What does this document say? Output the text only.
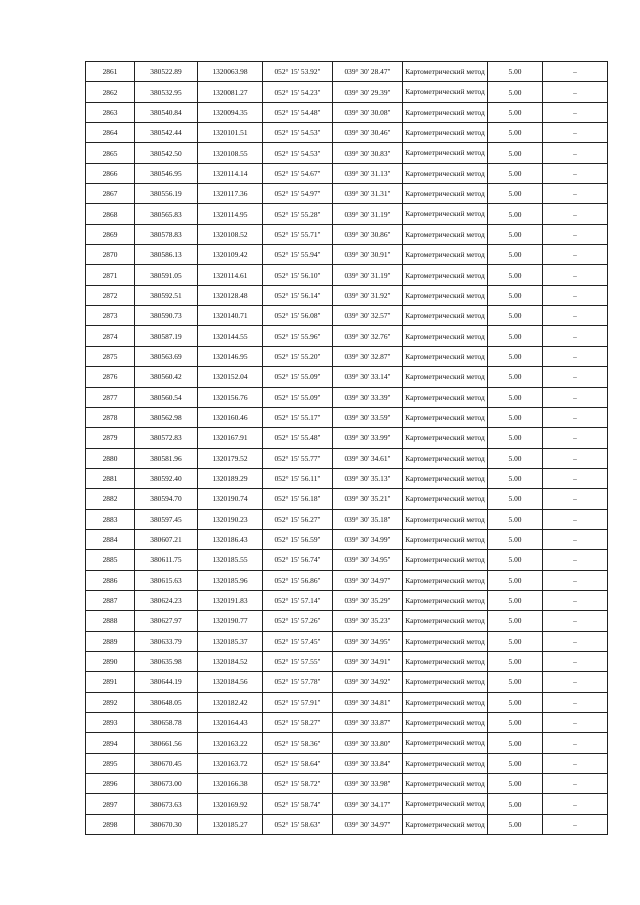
2861	380522.89	1320063.98	052° 15' 53.92"	039° 30' 28.47"	Картометрический метод	5.00	–
2862	380532.95	1320081.27	052° 15' 54.23"	039° 30' 29.39"	Картометрический метод	5.00	–
2863	380540.84	1320094.35	052° 15' 54.48"	039° 30' 30.08"	Картометрический метод	5.00	–
2864	380542.44	1320101.51	052° 15' 54.53"	039° 30' 30.46"	Картометрический метод	5.00	–
2865	380542.50	1320108.55	052° 15' 54.53"	039° 30' 30.83"	Картометрический метод	5.00	–
2866	380546.95	1320114.14	052° 15' 54.67"	039° 30' 31.13"	Картометрический метод	5.00	–
2867	380556.19	1320117.36	052° 15' 54.97"	039° 30' 31.31"	Картометрический метод	5.00	–
2868	380565.83	1320114.95	052° 15' 55.28"	039° 30' 31.19"	Картометрический метод	5.00	–
2869	380578.83	1320108.52	052° 15' 55.71"	039° 30' 30.86"	Картометрический метод	5.00	–
2870	380586.13	1320109.42	052° 15' 55.94"	039° 30' 30.91"	Картометрический метод	5.00	–
2871	380591.05	1320114.61	052° 15' 56.10"	039° 30' 31.19"	Картометрический метод	5.00	–
2872	380592.51	1320128.48	052° 15' 56.14"	039° 30' 31.92"	Картометрический метод	5.00	–
2873	380590.73	1320140.71	052° 15' 56.08"	039° 30' 32.57"	Картометрический метод	5.00	–
2874	380587.19	1320144.55	052° 15' 55.96"	039° 30' 32.76"	Картометрический метод	5.00	–
2875	380563.69	1320146.95	052° 15' 55.20"	039° 30' 32.87"	Картометрический метод	5.00	–
2876	380560.42	1320152.04	052° 15' 55.09"	039° 30' 33.14"	Картометрический метод	5.00	–
2877	380560.54	1320156.76	052° 15' 55.09"	039° 30' 33.39"	Картометрический метод	5.00	–
2878	380562.98	1320160.46	052° 15' 55.17"	039° 30' 33.59"	Картометрический метод	5.00	–
2879	380572.83	1320167.91	052° 15' 55.48"	039° 30' 33.99"	Картометрический метод	5.00	–
2880	380581.96	1320179.52	052° 15' 55.77"	039° 30' 34.61"	Картометрический метод	5.00	–
2881	380592.40	1320189.29	052° 15' 56.11"	039° 30' 35.13"	Картометрический метод	5.00	–
2882	380594.70	1320190.74	052° 15' 56.18"	039° 30' 35.21"	Картометрический метод	5.00	–
2883	380597.45	1320190.23	052° 15' 56.27"	039° 30' 35.18"	Картометрический метод	5.00	–
2884	380607.21	1320186.43	052° 15' 56.59"	039° 30' 34.99"	Картометрический метод	5.00	–
2885	380611.75	1320185.55	052° 15' 56.74"	039° 30' 34.95"	Картометрический метод	5.00	–
2886	380615.63	1320185.96	052° 15' 56.86"	039° 30' 34.97"	Картометрический метод	5.00	–
2887	380624.23	1320191.83	052° 15' 57.14"	039° 30' 35.29"	Картометрический метод	5.00	–
2888	380627.97	1320190.77	052° 15' 57.26"	039° 30' 35.23"	Картометрический метод	5.00	–
2889	380633.79	1320185.37	052° 15' 57.45"	039° 30' 34.95"	Картометрический метод	5.00	–
2890	380635.98	1320184.52	052° 15' 57.55"	039° 30' 34.91"	Картометрический метод	5.00	–
2891	380644.19	1320184.56	052° 15' 57.78"	039° 30' 34.92"	Картометрический метод	5.00	–
2892	380648.05	1320182.42	052° 15' 57.91"	039° 30' 34.81"	Картометрический метод	5.00	–
2893	380658.78	1320164.43	052° 15' 58.27"	039° 30' 33.87"	Картометрический метод	5.00	–
2894	380661.56	1320163.22	052° 15' 58.36"	039° 30' 33.80"	Картометрический метод	5.00	–
2895	380670.45	1320163.72	052° 15' 58.64"	039° 30' 33.84"	Картометрический метод	5.00	–
2896	380673.00	1320166.38	052° 15' 58.72"	039° 30' 33.98"	Картометрический метод	5.00	–
2897	380673.63	1320169.92	052° 15' 58.74"	039° 30' 34.17"	Картометрический метод	5.00	–
2898	380670.30	1320185.27	052° 15' 58.63"	039° 30' 34.97"	Картометрический метод	5.00	–
